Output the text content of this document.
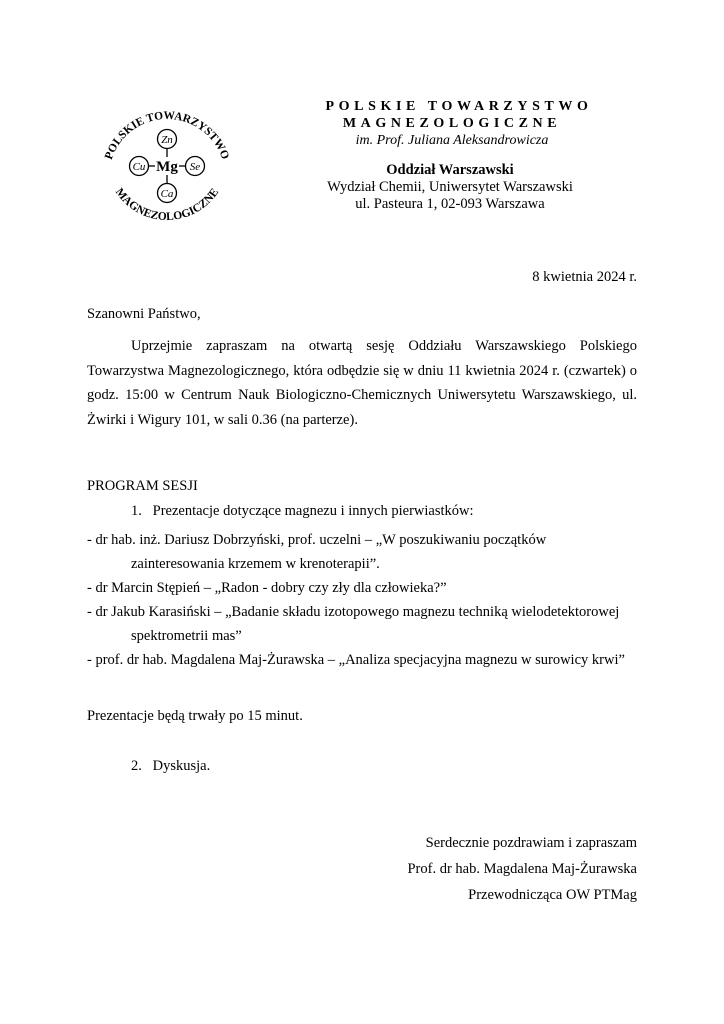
POLSKIE TOWARZYSTWO
MAGNEZOLOGICZNE
Zn
Cu	Se
Ca
Mg
POLSKIE TOWARZYSTWO
MAGNEZOLOGICZNE
im. Prof. Juliana Aleksandrowicza
Oddział Warszawski
Wydział Chemii, Uniwersytet Warszawski
ul. Pasteura 1, 02-093 Warszawa
8 kwietnia 2024 r.
Szanowni Państwo,
Uprzejmie zapraszam na otwartą sesję Oddziału Warszawskiego Polskiego Towarzystwa Magnezologicznego, która odbędzie się w dniu 11 kwietnia 2024 r. (czwartek) o godz. 15:00 w Centrum Nauk Biologiczno-Chemicznych Uniwersytetu Warszawskiego, ul. Żwirki i Wigury 101, w sali 0.36 (na parterze).
PROGRAM SESJI
1. Prezentacje dotyczące magnezu i innych pierwiastków:
- dr hab. inż. Dariusz Dobrzyński, prof. uczelni – „W poszukiwaniu początków
zainteresowania krzemem w krenoterapii”.
- dr Marcin Stępień – „Radon - dobry czy zły dla człowieka?”
- dr Jakub Karasiński – „Badanie składu izotopowego magnezu techniką wielodetektorowej
spektrometrii mas”
- prof. dr hab. Magdalena Maj-Żurawska – „Analiza specjacyjna magnezu w surowicy krwi”
Prezentacje będą trwały po 15 minut.
2. Dyskusja.
Serdecznie pozdrawiam i zapraszam
Prof. dr hab. Magdalena Maj-Żurawska
Przewodnicząca OW PTMag
